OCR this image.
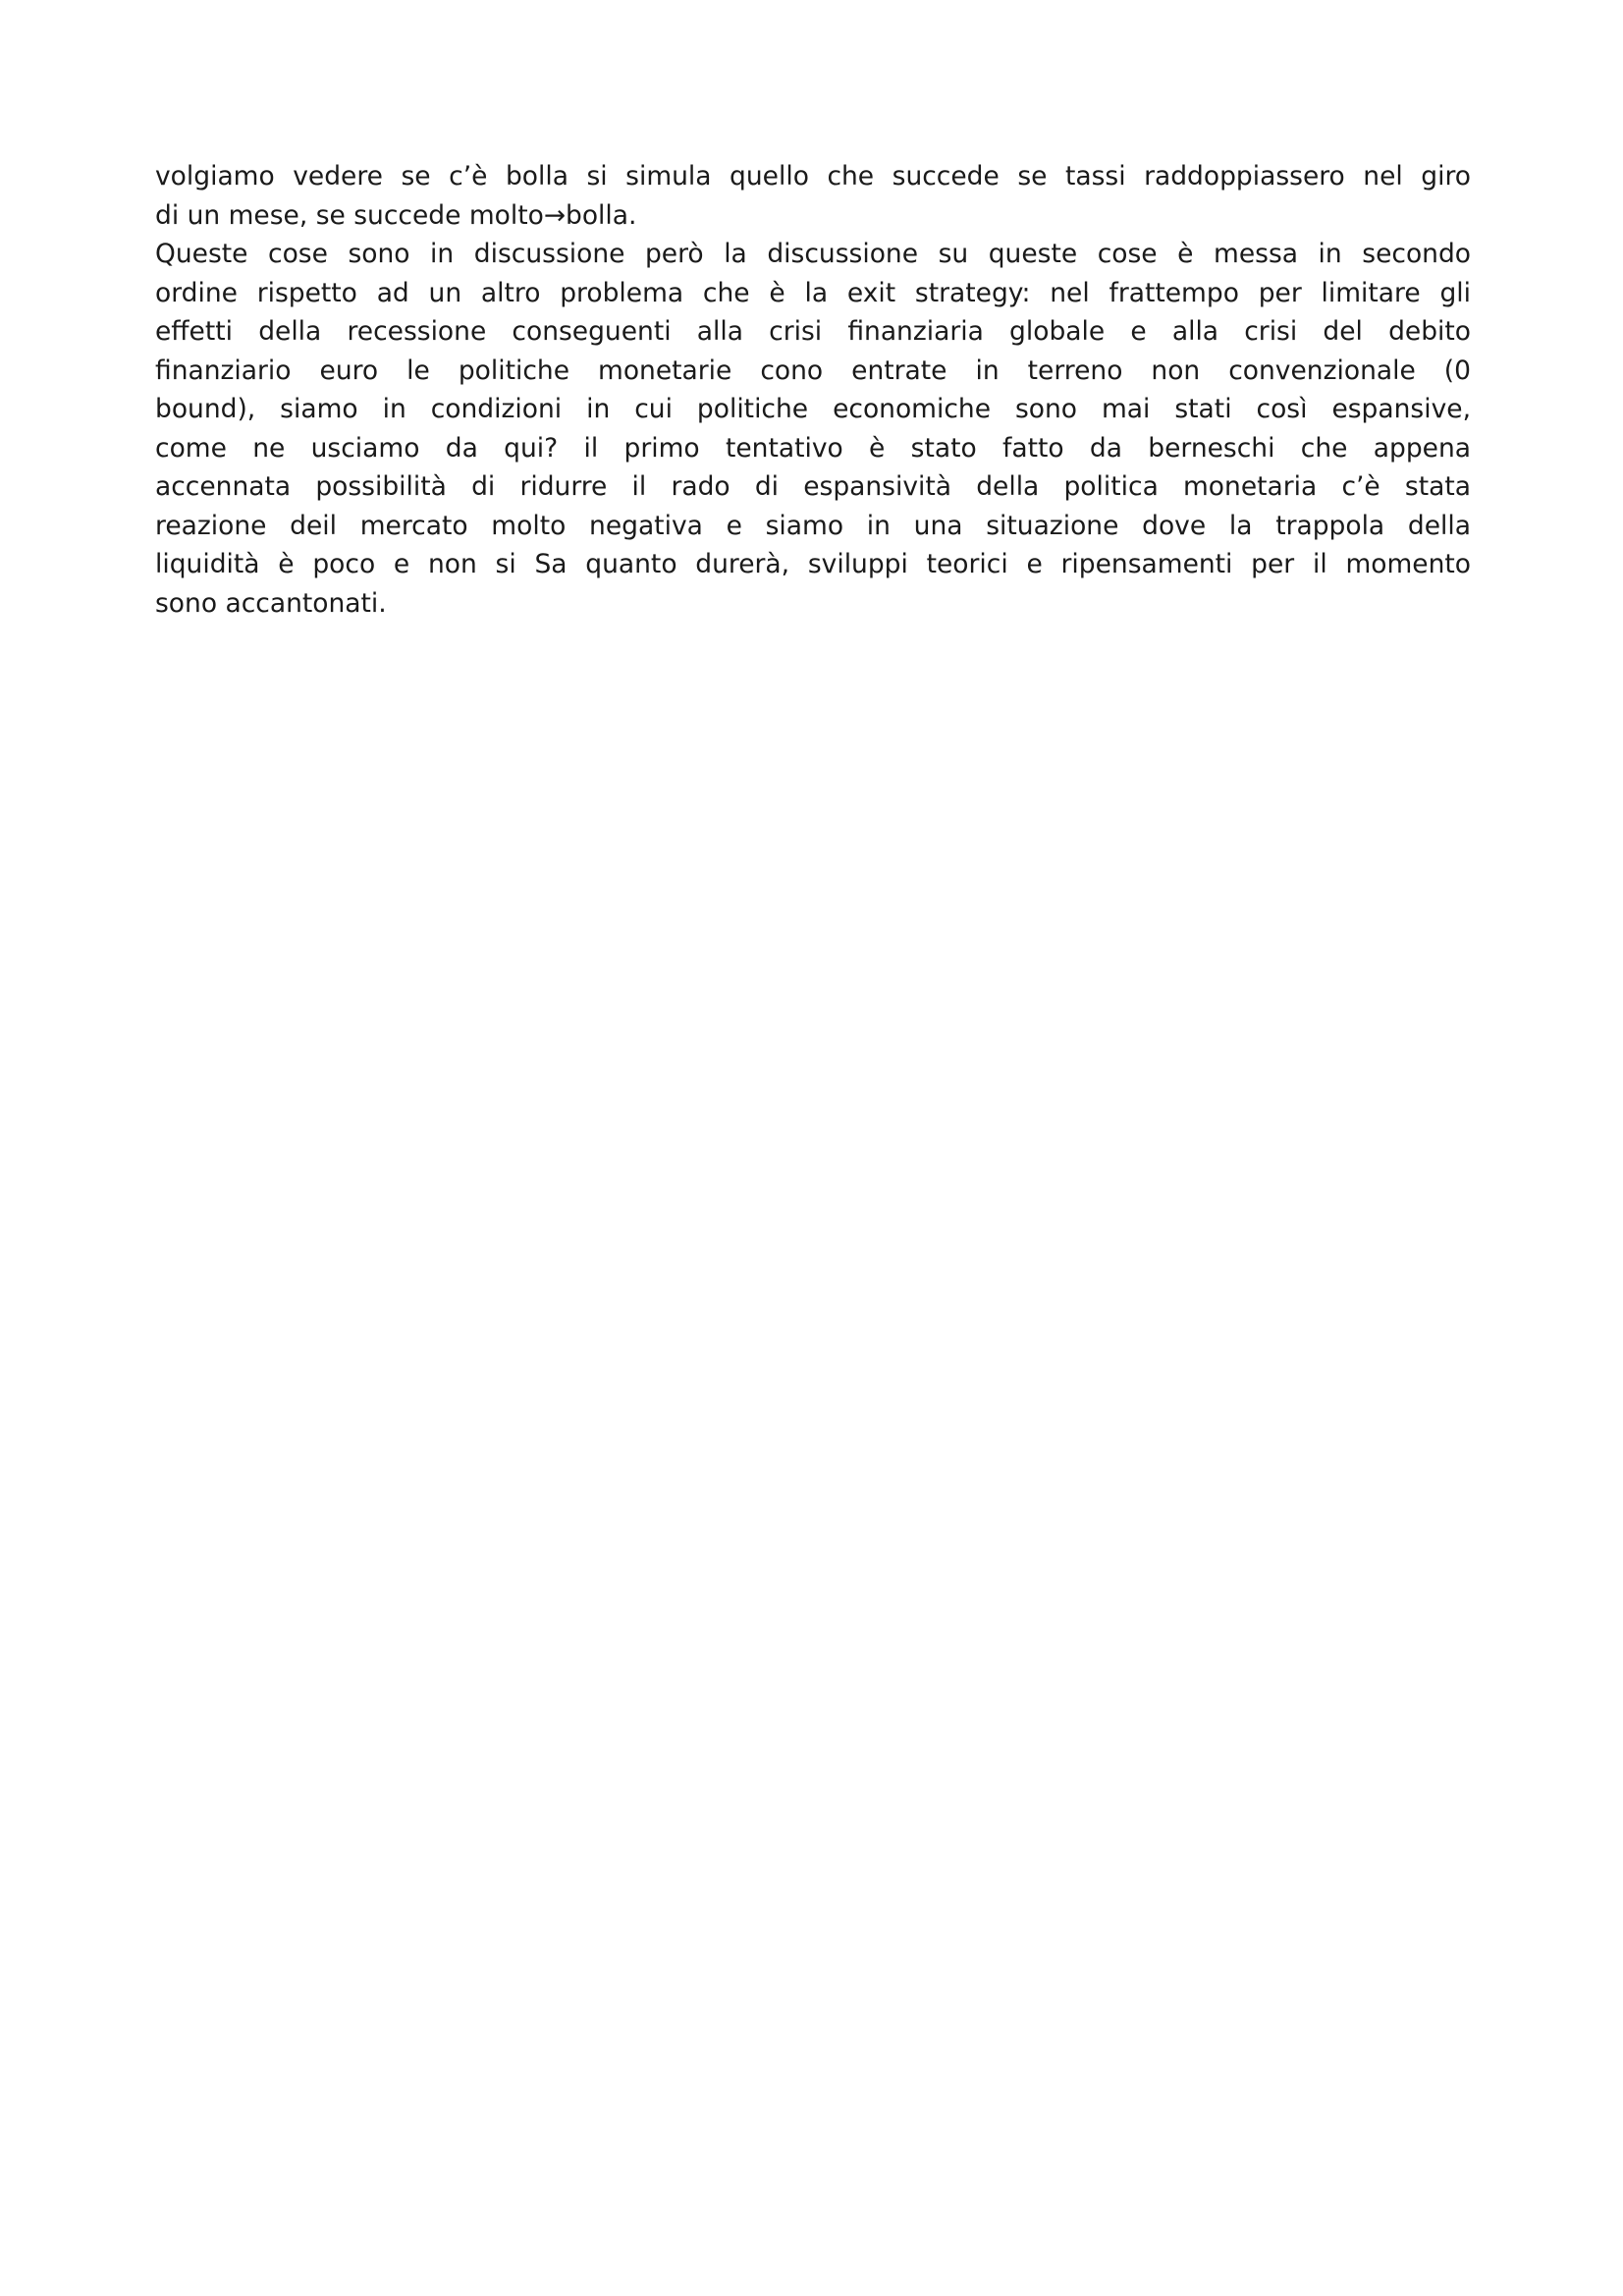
volgiamo vedere se c’è bolla si simula quello che succede se tassi raddoppiassero nel giro
di un mese, se succede molto→bolla.
Queste cose sono in discussione però la discussione su queste cose è messa in secondo
ordine rispetto ad un altro problema che è la exit strategy: nel frattempo per limitare gli
effetti della recessione conseguenti alla crisi finanziaria globale e alla crisi del debito
finanziario euro le politiche monetarie cono entrate in terreno non convenzionale (0
bound), siamo in condizioni in cui politiche economiche sono mai stati così espansive,
come ne usciamo da qui? il primo tentativo è stato fatto da berneschi che appena
accennata possibilità di ridurre il rado di espansività della politica monetaria c’è stata
reazione deil mercato molto negativa e siamo in una situazione dove la trappola della
liquidità è poco e non si Sa quanto durerà, sviluppi teorici e ripensamenti per il momento
sono accantonati.
